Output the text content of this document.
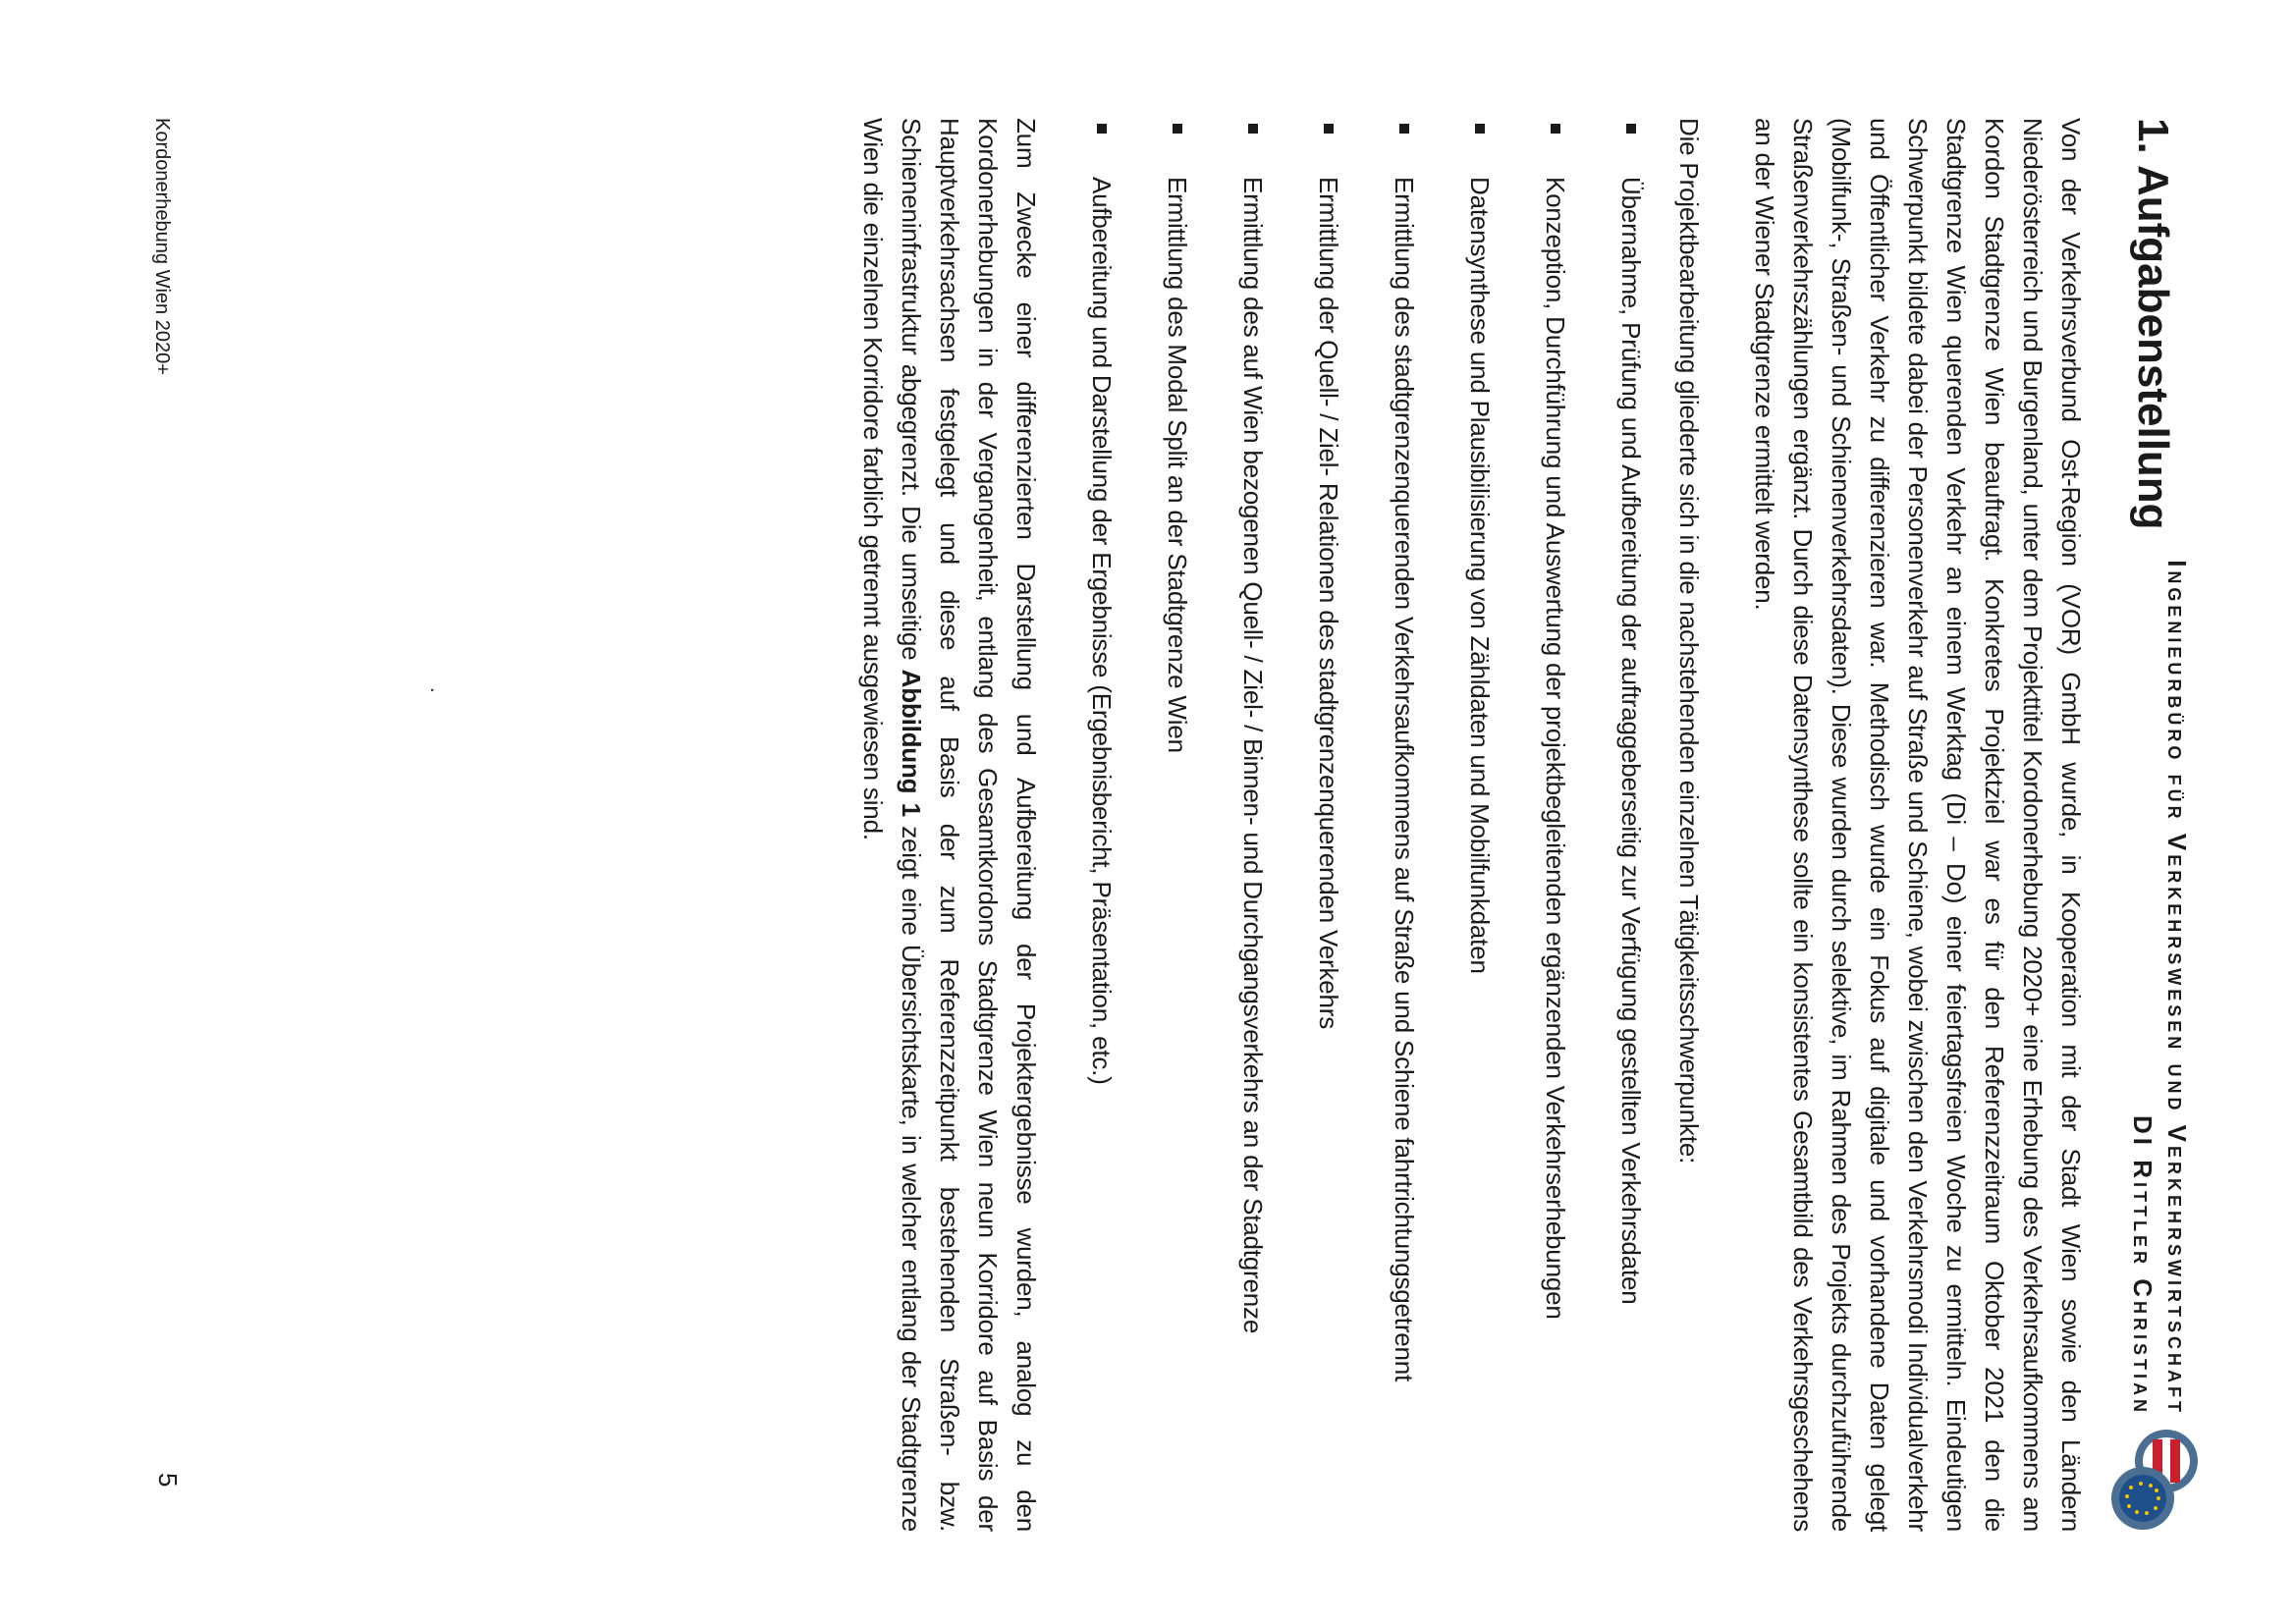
Ingenieurbüro für Verkehrswesen und Verkehrswirtschaft
DI Rittler Christian
1.Aufgabenstellung

Von der Verkehrsverbund Ost-Region (VOR) GmbH wurde, in Kooperation mit der Stadt Wien sowie den Ländern Niederösterreich und Burgenland, unter dem Projekttitel Kordonerhebung 2020+ eine Erhebung des Verkehrsaufkommens am Kordon Stadtgrenze Wien beauftragt. Konkretes Projektziel war es für den Referenzzeitraum Oktober 2021 den die Stadtgrenze Wien querenden Verkehr an einem Werktag (Di – Do) einer feiertagsfreien Woche zu ermitteln. Eindeutigen Schwerpunkt bildete dabei der Personenverkehr auf Straße und Schiene, wobei zwischen den Verkehrsmodi Individualverkehr und Öffentlicher Verkehr zu differenzieren war. Methodisch wurde ein Fokus auf digitale und vorhandene Daten gelegt (Mobilfunk-, Straßen- und Schienenverkehrsdaten). Diese wurden durch selektive, im Rahmen des Projekts durchzuführende Straßenverkehrszählungen ergänzt. Durch diese Datensynthese sollte ein konsistentes Gesamtbild des Verkehrsgeschehens an der Wiener Stadtgrenze ermittelt werden.

Die Projektbearbeitung gliederte sich in die nachstehenden einzelnen Tätigkeitsschwerpunkte:

Übernahme, Prüfung und Aufbereitung der auftraggeberseitig zur Verfügung gestellten Verkehrsdaten
Konzeption, Durchführung und Auswertung der projektbegleitenden ergänzenden Verkehrserhebungen
Datensynthese und Plausibilisierung von Zähldaten und Mobilfunkdaten
Ermittlung des stadtgrenzenquerenden Verkehrsaufkommens auf Straße und Schiene fahrtrichtungsgetrennt
Ermittlung der Quell- / Ziel- Relationen des stadtgrenzenquerenden Verkehrs
Ermittlung des auf Wien bezogenen Quell- / Ziel- / Binnen- und Durchgangsverkehrs an der Stadtgrenze
Ermittlung des Modal Split an der Stadtgrenze Wien
Aufbereitung und Darstellung der Ergebnisse (Ergebnisbericht, Präsentation, etc.)

Zum Zwecke einer differenzierten Darstellung und Aufbereitung der Projektergebnisse wurden, analog zu den Kordonerhebungen in der Vergangenheit, entlang des Gesamtkordons Stadtgrenze Wien neun Korridore auf Basis der Hauptverkehrsachsen festgelegt und diese auf Basis der zum Referenzzeitpunkt bestehenden Straßen- bzw. Schieneninfrastruktur abgegrenzt. Die umseitige Abbildung 1 zeigt eine Übersichtskarte, in welcher entlang der Stadtgrenze Wien die einzelnen Korridore farblich getrennt ausgewiesen sind.

.
Kordonerhebung Wien 2020+
5
